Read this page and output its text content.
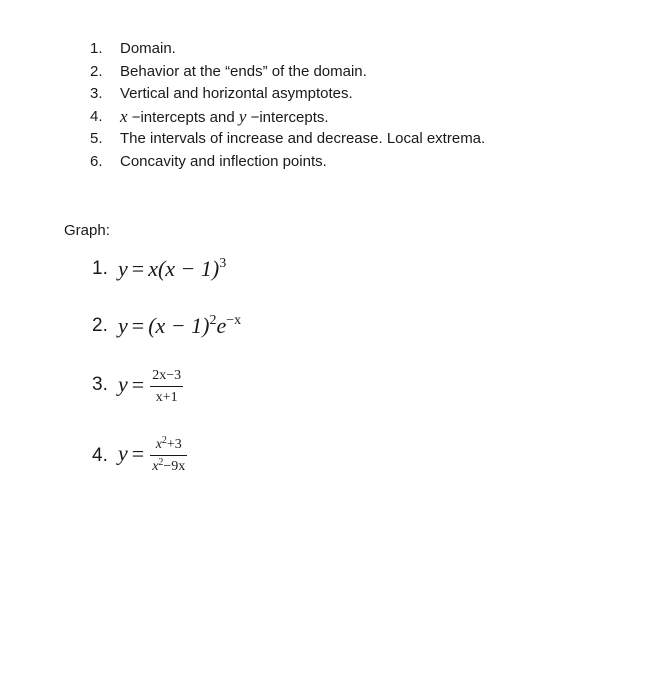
1.	Domain.
2.	Behavior at the “ends” of the domain.
3.	Vertical and horizontal asymptotes.
4.	x −intercepts and y −intercepts.
5.	The intervals of increase and decrease. Local extrema.
6.	Concavity and inflection points.
Graph:
1. $y = x(x - 1)^3$
2. $y = (x - 1)^2e^{-x}$
3. $y = \frac{2x-3}{x+1}$
4. $y = \frac{x^2+3}{x^2-9x}$
